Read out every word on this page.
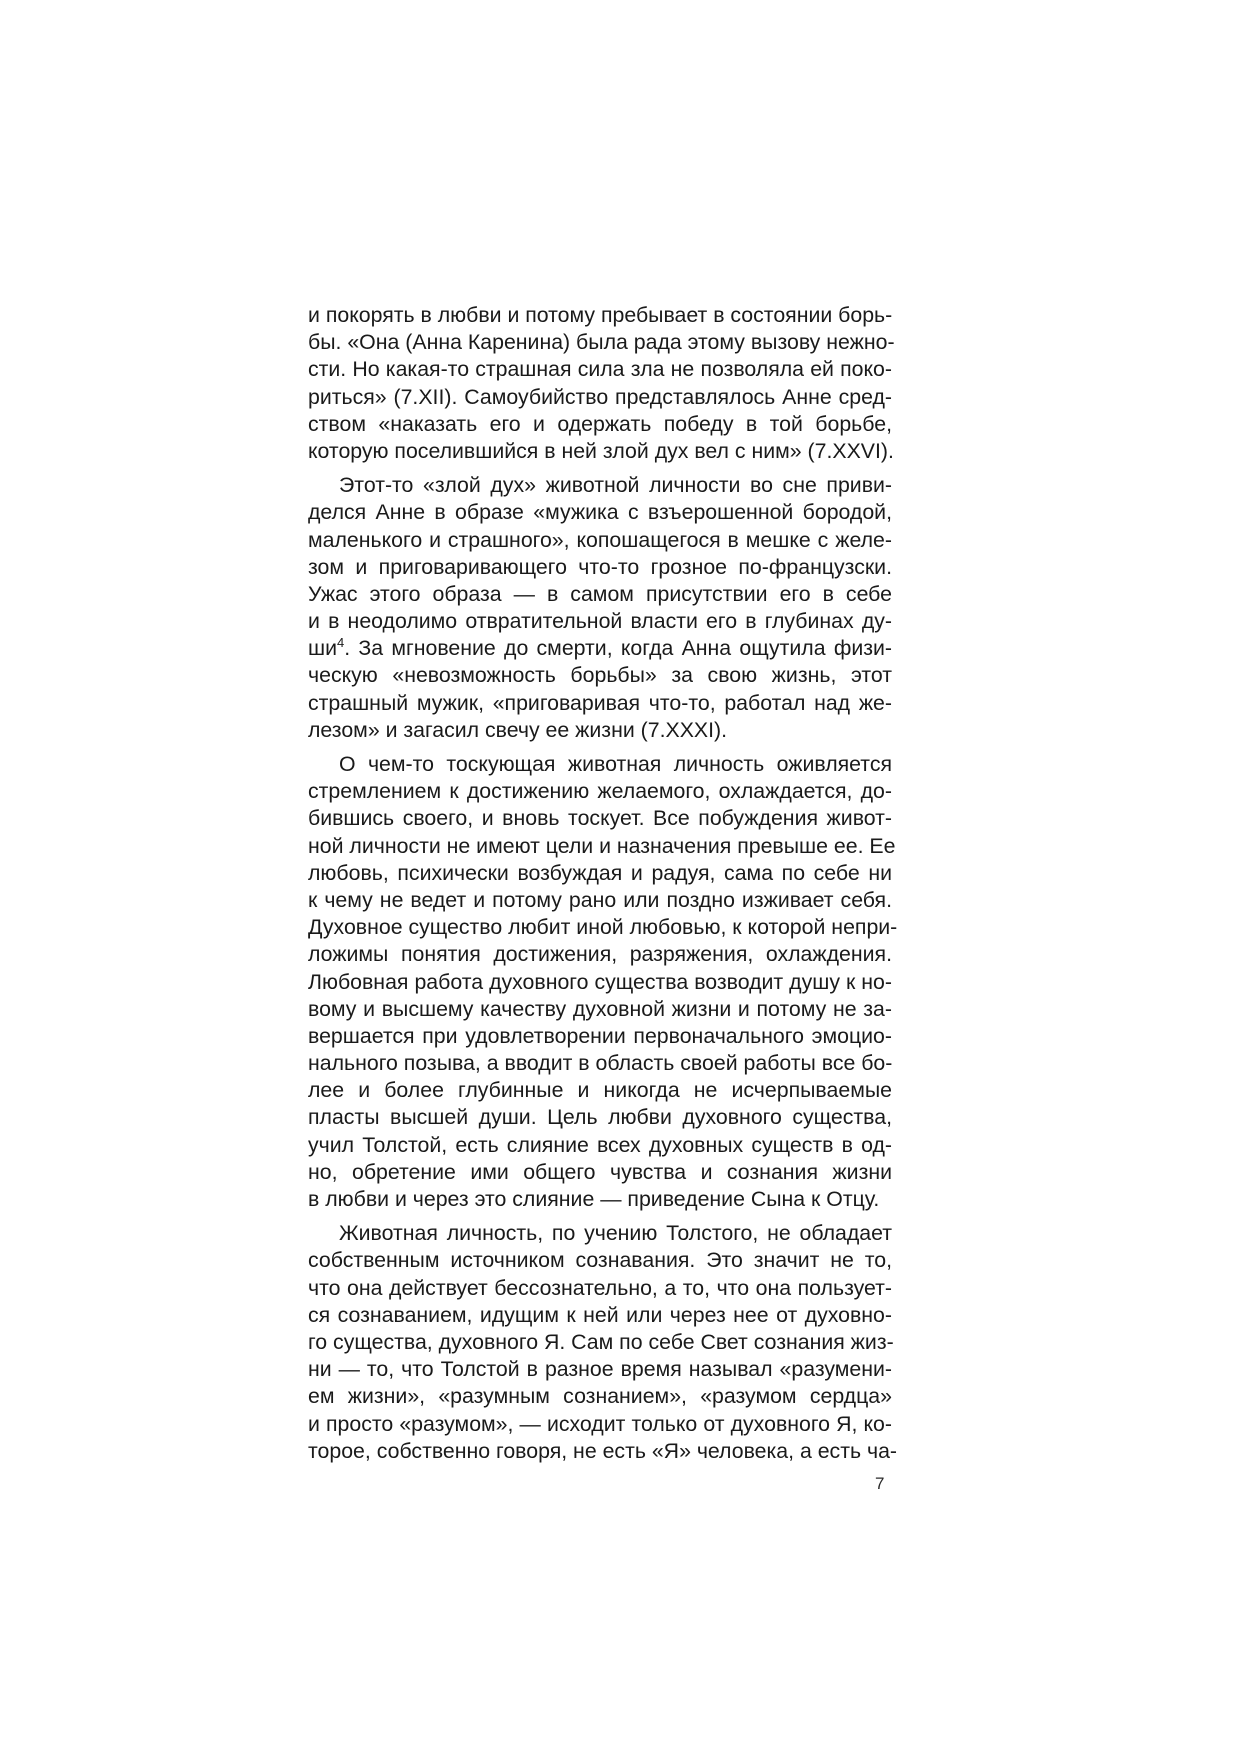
и покорять в любви и потому пребывает в состоянии борь-
бы. «Она (Анна Каренина) была рада этому вызову нежно-
сти. Но какая-то страшная сила зла не позволяла ей поко-
риться» (7.XII). Самоубийство представлялось Анне сред-
ством «наказать его и одержать победу в той борьбе,
которую поселившийся в ней злой дух вел с ним» (7.XXVI).

Этот-то «злой дух» животной личности во сне приви-
делся Анне в образе «мужика с взъерошенной бородой,
маленького и страшного», копошащегося в мешке с желе-
зом и приговаривающего что-то грозное по-французски.
Ужас этого образа — в самом присутствии его в себе
и в неодолимо отвратительной власти его в глубинах ду-
$ши^4$. За мгновение до смерти, когда Анна ощутила физи-
ческую «невозможность борьбы» за свою жизнь, этот
страшный мужик, «приговаривая что-то, работал над же-
лезом» и загасил свечу ее жизни (7.XXXI).

О чем-то тоскующая животная личность оживляется
стремлением к достижению желаемого, охлаждается, до-
бившись своего, и вновь тоскует. Все побуждения живот-
ной личности не имеют цели и назначения превыше ее. Ее
любовь, психически возбуждая и радуя, сама по себе ни
к чему не ведет и потому рано или поздно изживает себя.
Духовное существо любит иной любовью, к которой непри-
ложимы понятия достижения, разряжения, охлаждения.
Любовная работа духовного существа возводит душу к но-
вому и высшему качеству духовной жизни и потому не за-
вершается при удовлетворении первоначального эмоцио-
нального позыва, а вводит в область своей работы все бо-
лее и более глубинные и никогда не исчерпываемые
пласты высшей души. Цель любви духовного существа,
учил Толстой, есть слияние всех духовных существ в од-
но, обретение ими общего чувства и сознания жизни
в любви и через это слияние — приведение Сына к Отцу.

Животная личность, по учению Толстого, не обладает
собственным источником сознавания. Это значит не то,
что она действует бессознательно, а то, что она пользует-
ся сознаванием, идущим к ней или через нее от духовно-
го существа, духовного Я. Сам по себе Свет сознания жиз-
ни — то, что Толстой в разное время называл «разумени-
ем жизни», «разумным сознанием», «разумом сердца»
и просто «разумом», — исходит только от духовного Я, ко-
торое, собственно говоря, не есть «Я» человека, а есть ча-

7
